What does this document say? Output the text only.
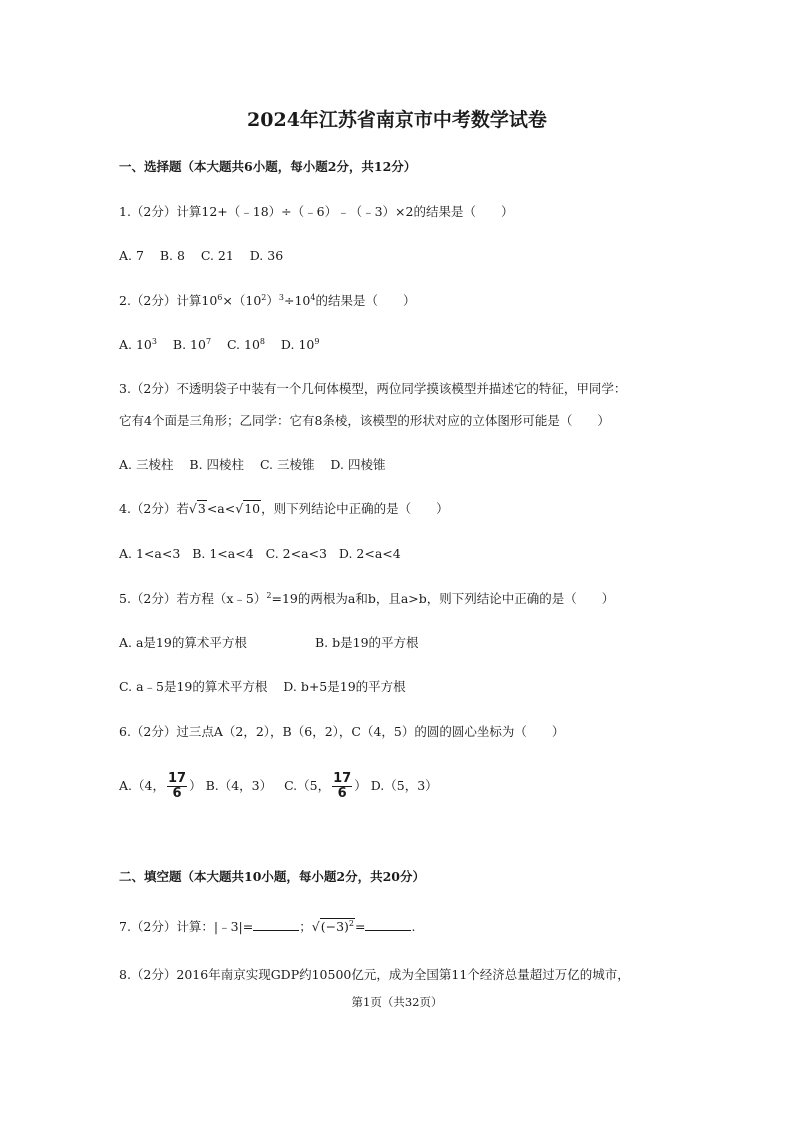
2024年江苏省南京市中考数学试卷
一、选择题（本大题共6小题，每小题2分，共12分）
1.（2分）计算12+（﹣18）÷（﹣6）﹣（﹣3）×2的结果是（　　）
A. 7 B. 8 C. 21 D. 36
2.（2分）计算$10^6\times(10^2)^3\div 10^4$的结果是（　　）
A. $10^3$ B. $10^7$ C. $10^8$ D. $10^9$
3.（2分）不透明袋子中装有一个几何体模型，两位同学摸该模型并描述它的特征，甲同学：
它有4个面是三角形；乙同学：它有8条棱，该模型的形状对应的立体图形可能是（　　）
A. 三棱柱 B. 四棱柱 C. 三棱锥 D. 四棱锥
4.（2分）若√3<a<√10，则下列结论中正确的是（　　）
A. 1<a<3 B. 1<a<4 C. 2<a<3 D. 2<a<4
5.（2分）若方程（x﹣5）$^2$=19的两根为a和b，且a>b，则下列结论中正确的是（　　）
A. a是19的算术平方根	B. b是19的平方根
C. a﹣5是19的算术平方根 D. b+5是19的平方根
6.（2分）过三点A（2，2），B（6，2），C（4，5）的圆的圆心坐标为（　　）
A.（4， $\frac{17}{6}$ ） B.（4，3） C.（5， $\frac{17}{6}$ ） D.（5，3）
二、填空题（本大题共10小题，每小题2分，共20分）
7.（2分）计算：|﹣3|=	；$√(-3)^2=$	.
8.（2分）2016年南京实现GDP约10500亿元，成为全国第11个经济总量超过万亿的城市，
第1页（共32页）
